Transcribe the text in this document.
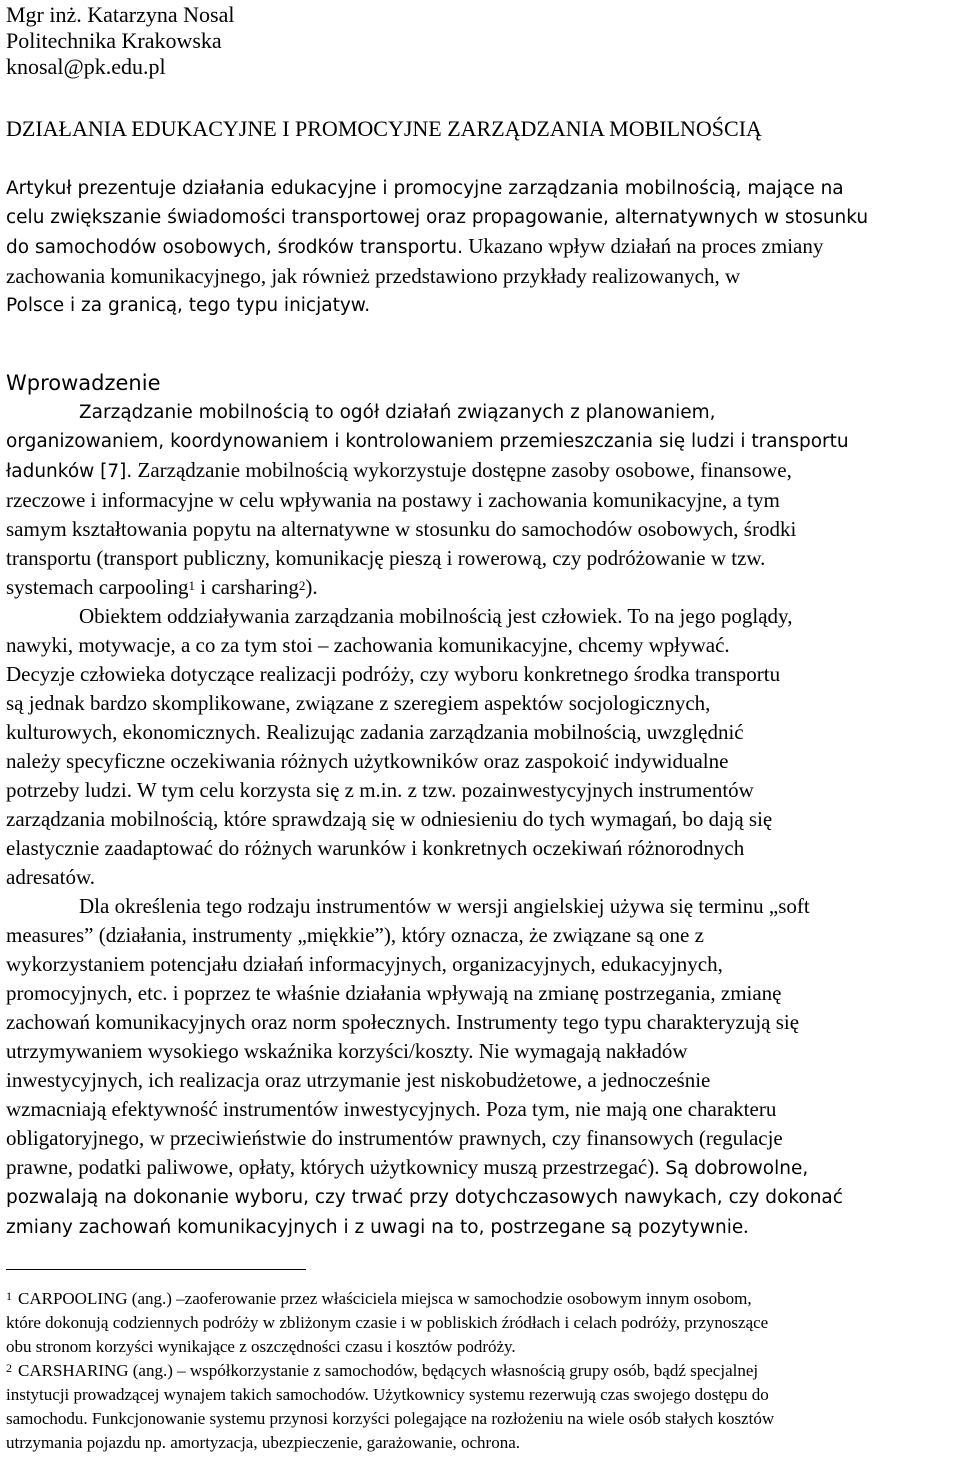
Mgr inż. Katarzyna Nosal
Politechnika Krakowska
knosal@pk.edu.pl
DZIAŁANIA EDUKACYJNE I PROMOCYJNE ZARZĄDZANIA MOBILNOŚCIĄ
Artykuł prezentuje działania edukacyjne i promocyjne zarządzania mobilnością, mające na
celu zwiększanie świadomości transportowej oraz propagowanie, alternatywnych w stosunku
do samochodów osobowych, środków transportu. Ukazano wpływ działań na proces zmiany
zachowania komunikacyjnego, jak również przedstawiono przykłady realizowanych, w
Polsce i za granicą, tego typu inicjatyw.
Wprowadzenie
Zarządzanie mobilnością to ogół działań związanych z planowaniem,
organizowaniem, koordynowaniem i kontrolowaniem przemieszczania się ludzi i transportu
ładunków [7]. Zarządzanie mobilnością wykorzystuje dostępne zasoby osobowe, finansowe,
rzeczowe i informacyjne w celu wpływania na postawy i zachowania komunikacyjne, a tym
samym kształtowania popytu na alternatywne w stosunku do samochodów osobowych, środki
transportu (transport publiczny, komunikację pieszą i rowerową, czy podróżowanie w tzw.
systemach carpooling$^1$ i carsharing$^2$).
Obiektem oddziaływania zarządzania mobilnością jest człowiek. To na jego poglądy,
nawyki, motywacje, a co za tym stoi – zachowania komunikacyjne, chcemy wpływać.
Decyzje człowieka dotyczące realizacji podróży, czy wyboru konkretnego środka transportu
są jednak bardzo skomplikowane, związane z szeregiem aspektów socjologicznych,
kulturowych, ekonomicznych. Realizując zadania zarządzania mobilnością, uwzględnić
należy specyficzne oczekiwania różnych użytkowników oraz zaspokoić indywidualne
potrzeby ludzi. W tym celu korzysta się z m.in. z tzw. pozainwestycyjnych instrumentów
zarządzania mobilnością, które sprawdzają się w odniesieniu do tych wymagań, bo dają się
elastycznie zaadaptować do różnych warunków i konkretnych oczekiwań różnorodnych
adresatów.
Dla określenia tego rodzaju instrumentów w wersji angielskiej używa się terminu „soft
measures” (działania, instrumenty „miękkie”), który oznacza, że związane są one z
wykorzystaniem potencjału działań informacyjnych, organizacyjnych, edukacyjnych,
promocyjnych, etc. i poprzez te właśnie działania wpływają na zmianę postrzegania, zmianę
zachowań komunikacyjnych oraz norm społecznych. Instrumenty tego typu charakteryzują się
utrzymywaniem wysokiego wskaźnika korzyści/koszty. Nie wymagają nakładów
inwestycyjnych, ich realizacja oraz utrzymanie jest niskobudżetowe, a jednocześnie
wzmacniają efektywność instrumentów inwestycyjnych. Poza tym, nie mają one charakteru
obligatoryjnego, w przeciwieństwie do instrumentów prawnych, czy finansowych (regulacje
prawne, podatki paliwowe, opłaty, których użytkownicy muszą przestrzegać). Są dobrowolne,
pozwalają na dokonanie wyboru, czy trwać przy dotychczasowych nawykach, czy dokonać
zmiany zachowań komunikacyjnych i z uwagi na to, postrzegane są pozytywnie.
$^1$ CARPOOLING (ang.) –zaoferowanie przez właściciela miejsca w samochodzie osobowym innym osobom,
które dokonują codziennych podróży w zbliżonym czasie i w pobliskich źródłach i celach podróży, przynoszące
obu stronom korzyści wynikające z oszczędności czasu i kosztów podróży.
$^2$ CARSHARING (ang.) – współkorzystanie z samochodów, będących własnością grupy osób, bądź specjalnej
instytucji prowadzącej wynajem takich samochodów. Użytkownicy systemu rezerwują czas swojego dostępu do
samochodu. Funkcjonowanie systemu przynosi korzyści polegające na rozłożeniu na wiele osób stałych kosztów
utrzymania pojazdu np. amortyzacja, ubezpieczenie, garażowanie, ochrona.
